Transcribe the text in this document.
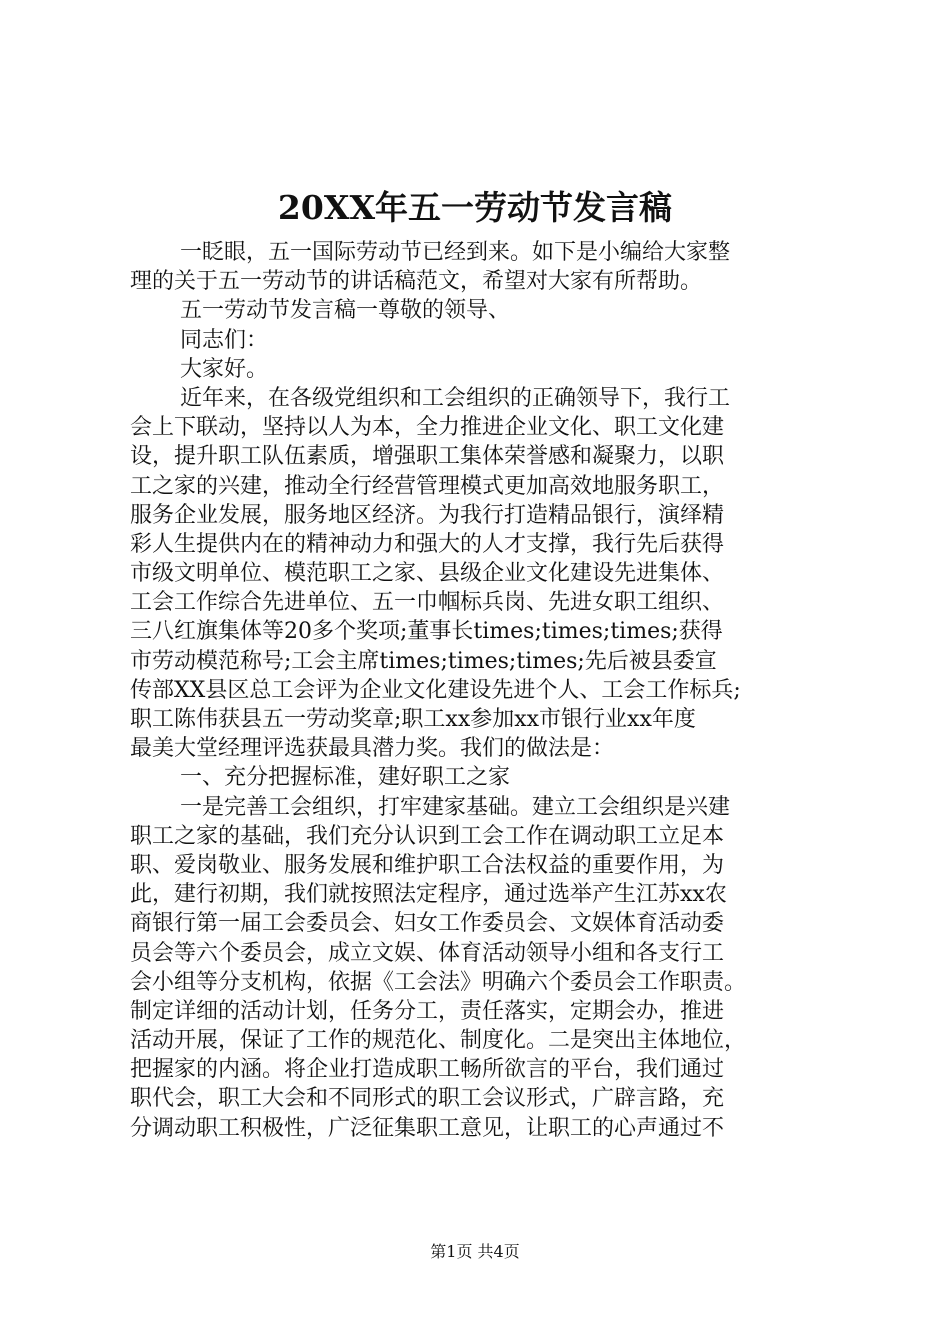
20XX年五一劳动节发言稿
一眨眼，五一国际劳动节已经到来。如下是小编给大家整
理的关于五一劳动节的讲话稿范文，希望对大家有所帮助。
五一劳动节发言稿一尊敬的领导、
同志们：
大家好。
近年来，在各级党组织和工会组织的正确领导下，我行工
会上下联动，坚持以人为本，全力推进企业文化、职工文化建
设，提升职工队伍素质，增强职工集体荣誉感和凝聚力，以职
工之家的兴建，推动全行经营管理模式更加高效地服务职工，
服务企业发展，服务地区经济。为我行打造精品银行，演绎精
彩人生提供内在的精神动力和强大的人才支撑，我行先后获得
市级文明单位、模范职工之家、县级企业文化建设先进集体、
工会工作综合先进单位、五一巾帼标兵岗、先进女职工组织、
三八红旗集体等20多个奖项;董事长times;times;times;获得
市劳动模范称号;工会主席times;times;times;先后被县委宣
传部XX县区总工会评为企业文化建设先进个人、工会工作标兵;
职工陈伟获县五一劳动奖章;职工xx参加xx市银行业xx年度
最美大堂经理评选获最具潜力奖。我们的做法是：
一、充分把握标准，建好职工之家
一是完善工会组织，打牢建家基础。建立工会组织是兴建
职工之家的基础，我们充分认识到工会工作在调动职工立足本
职、爱岗敬业、服务发展和维护职工合法权益的重要作用，为
此，建行初期，我们就按照法定程序，通过选举产生江苏xx农
商银行第一届工会委员会、妇女工作委员会、文娱体育活动委
员会等六个委员会，成立文娱、体育活动领导小组和各支行工
会小组等分支机构，依据《工会法》明确六个委员会工作职责。
制定详细的活动计划，任务分工，责任落实，定期会办，推进
活动开展，保证了工作的规范化、制度化。二是突出主体地位，
把握家的内涵。将企业打造成职工畅所欲言的平台，我们通过
职代会，职工大会和不同形式的职工会议形式，广辟言路，充
分调动职工积极性，广泛征集职工意见，让职工的心声通过不
第1页 共4页
